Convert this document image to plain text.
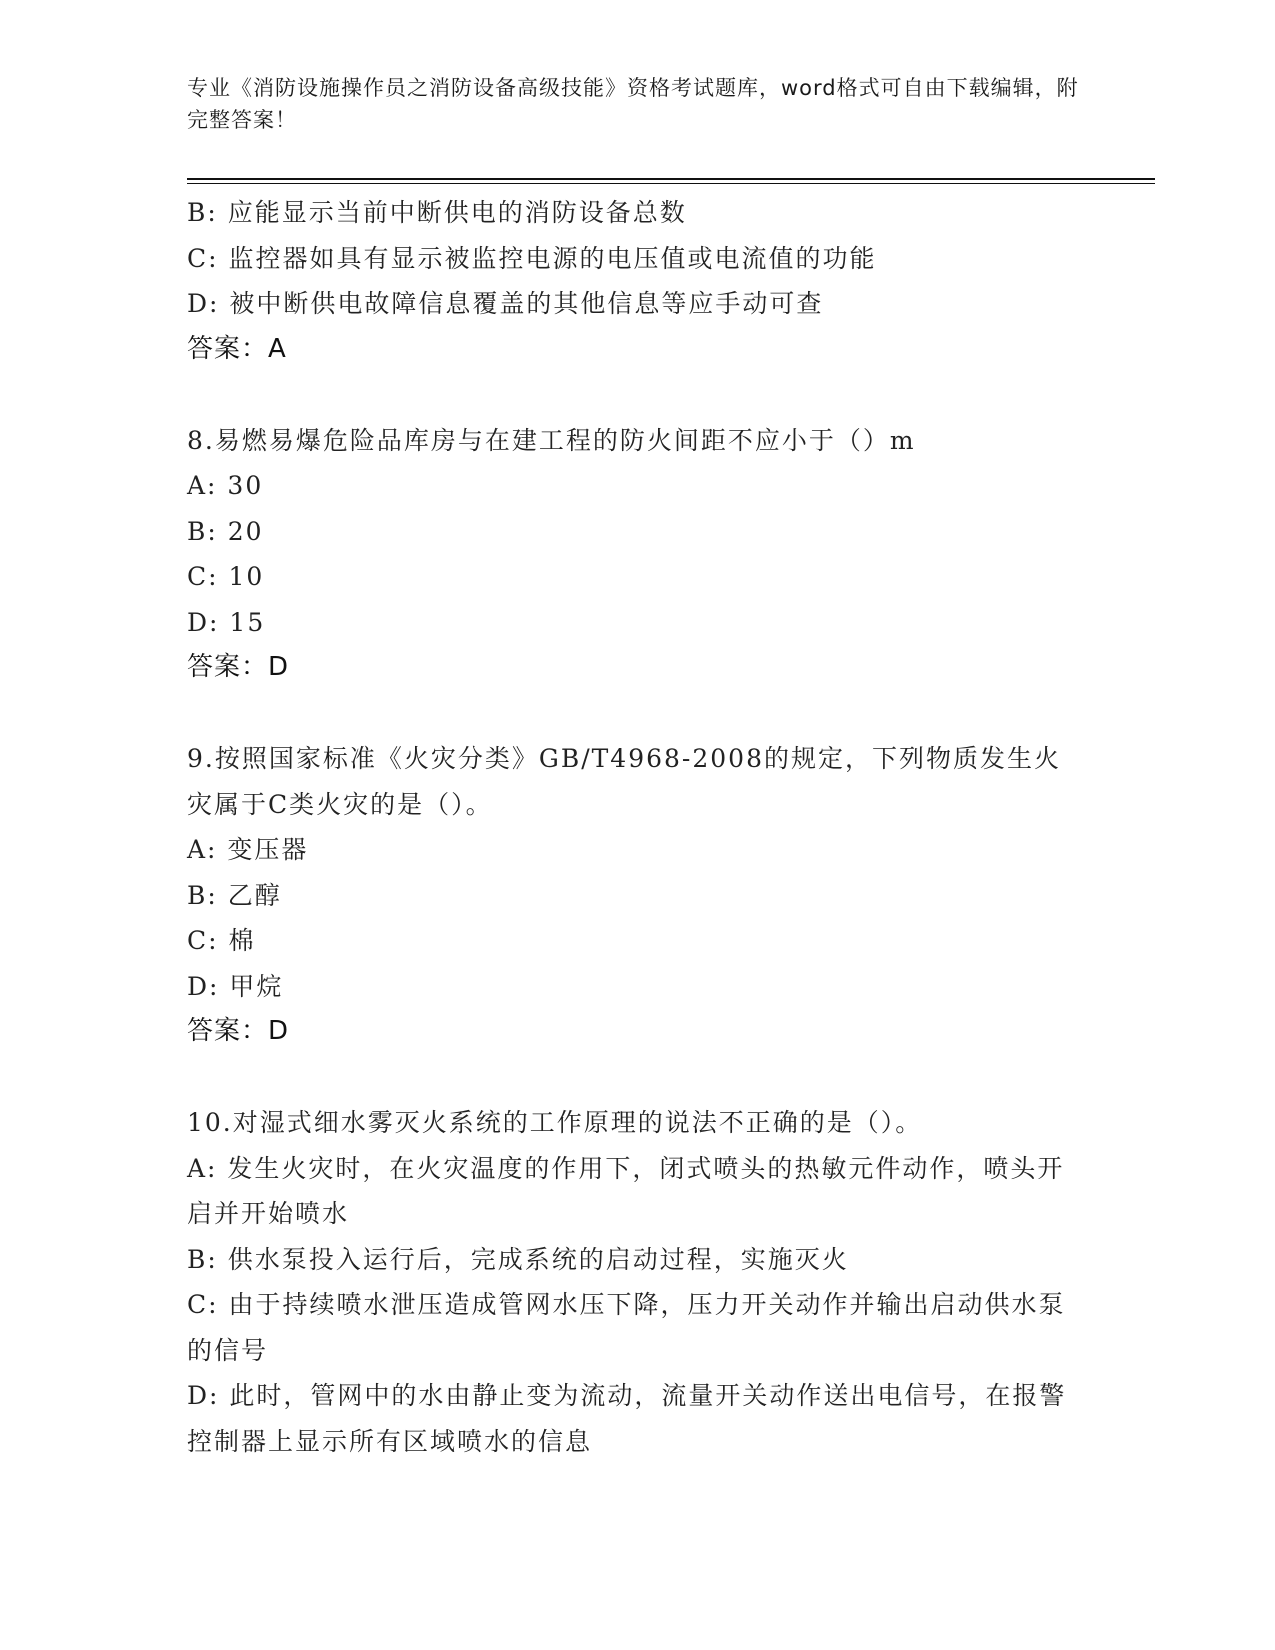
专业《消防设施操作员之消防设备高级技能》资格考试题库，word格式可自由下载编辑，附完整答案！

B: 应能显示当前中断供电的消防设备总数

C: 监控器如具有显示被监控电源的电压值或电流值的功能

D: 被中断供电故障信息覆盖的其他信息等应手动可查

答案：A

8.易燃易爆危险品库房与在建工程的防火间距不应小于（）m

A: 30

B: 20

C: 10

D: 15

答案：D

9.按照国家标准《火灾分类》GB/T4968-2008的规定，下列物质发生火灾属于C类火灾的是（）。

A: 变压器

B: 乙醇

C: 棉

D: 甲烷

答案：D

10.对湿式细水雾灭火系统的工作原理的说法不正确的是（）。

A: 发生火灾时，在火灾温度的作用下，闭式喷头的热敏元件动作，喷头开启并开始喷水

B: 供水泵投入运行后，完成系统的启动过程，实施灭火

C: 由于持续喷水泄压造成管网水压下降，压力开关动作并输出启动供水泵的信号

D: 此时，管网中的水由静止变为流动，流量开关动作送出电信号，在报警控制器上显示所有区域喷水的信息
